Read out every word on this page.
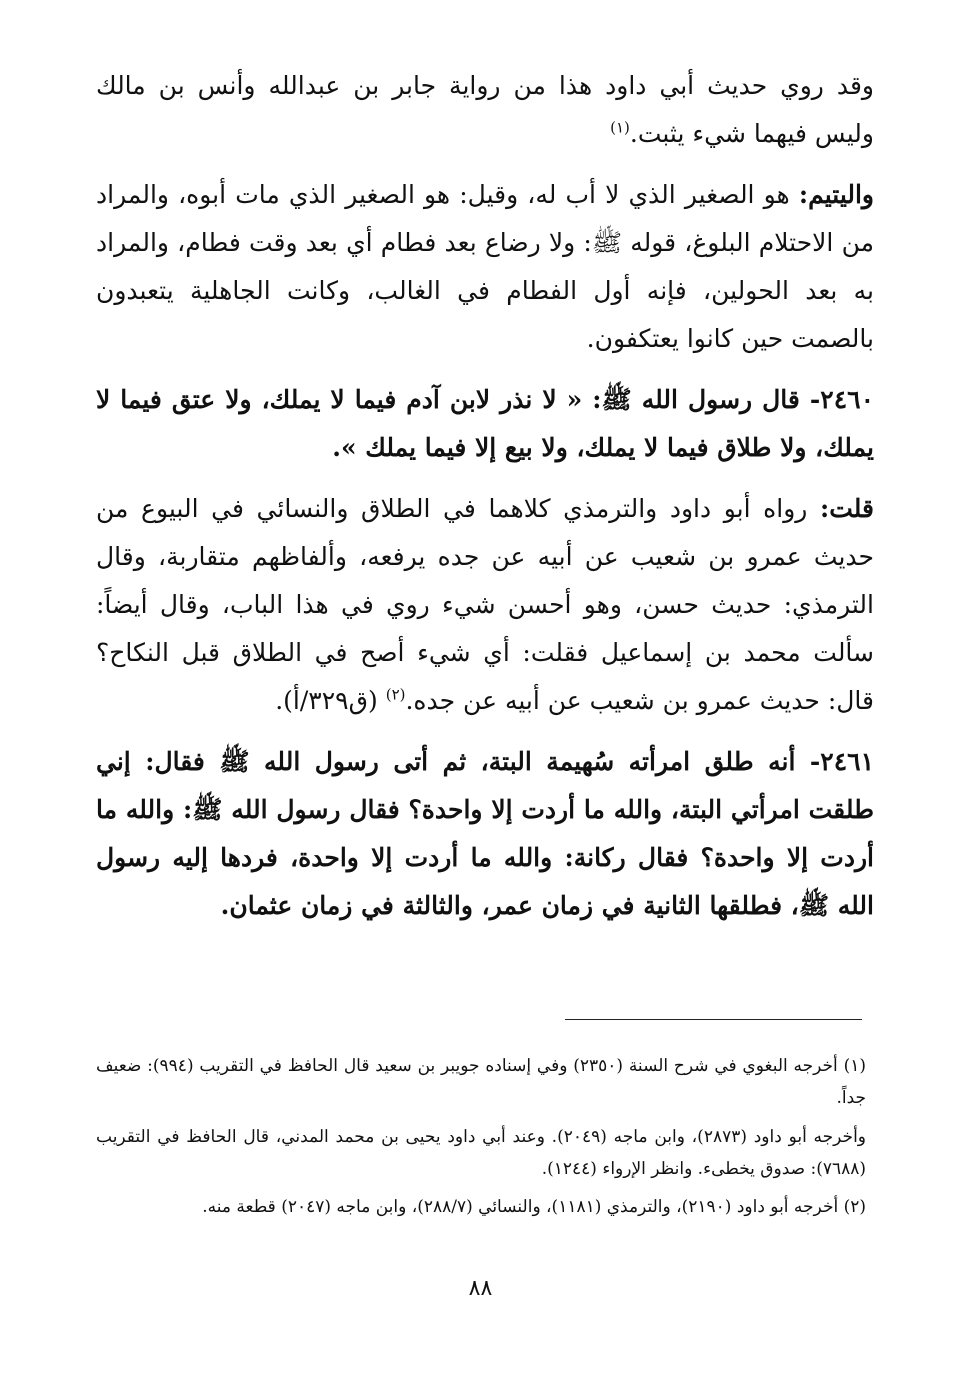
وقد روي حديث أبي داود هذا من رواية جابر بن عبدالله وأنس بن مالك وليس فيهما شيء يثبت.$^{(١)}$

واليتيم: هو الصغير الذي لا أب له، وقيل: هو الصغير الذي مات أبوه، والمراد من الاحتلام البلوغ، قوله ﷺ: ولا رضاع بعد فطام أي بعد وقت فطام، والمراد به بعد الحولين، فإنه أول الفطام في الغالب، وكانت الجاهلية يتعبدون بالصمت حين كانوا يعتكفون.

٢٤٦٠- قال رسول الله ﷺ: « لا نذر لابن آدم فيما لا يملك، ولا عتق فيما لا يملك، ولا طلاق فيما لا يملك، ولا بيع إلا فيما يملك ».

قلت: رواه أبو داود والترمذي كلاهما في الطلاق والنسائي في البيوع من حديث عمرو بن شعيب عن أبيه عن جده يرفعه، وألفاظهم متقاربة، وقال الترمذي: حديث حسن، وهو أحسن شيء روي في هذا الباب، وقال أيضاً: سألت محمد بن إسماعيل فقلت: أي شيء أصح في الطلاق قبل النكاح؟ قال: حديث عمرو بن شعيب عن أبيه عن جده.$^{(٢)}$ (ق٣٢٩/أ).

٢٤٦١- أنه طلق امرأته سُهيمة البتة، ثم أتى رسول الله ﷺ فقال: إني طلقت امرأتي البتة، والله ما أردت إلا واحدة؟ فقال رسول الله ﷺ: والله ما أردت إلا واحدة؟ فقال ركانة: والله ما أردت إلا واحدة، فردها إليه رسول الله ﷺ، فطلقها الثانية في زمان عمر، والثالثة في زمان عثمان.

(١) أخرجه البغوي في شرح السنة (٢٣٥٠) وفي إسناده جويبر بن سعيد قال الحافظ في التقريب (٩٩٤): ضعيف جداً.

وأخرجه أبو داود (٢٨٧٣)، وابن ماجه (٢٠٤٩). وعند أبي داود يحيى بن محمد المدني، قال الحافظ في التقريب (٧٦٨٨): صدوق يخطىء. وانظر الإرواء (١٢٤٤).

(٢) أخرجه أبو داود (٢١٩٠)، والترمذي (١١٨١)، والنسائي (٢٨٨/٧)، وابن ماجه (٢٠٤٧) قطعة منه.

٨٨
